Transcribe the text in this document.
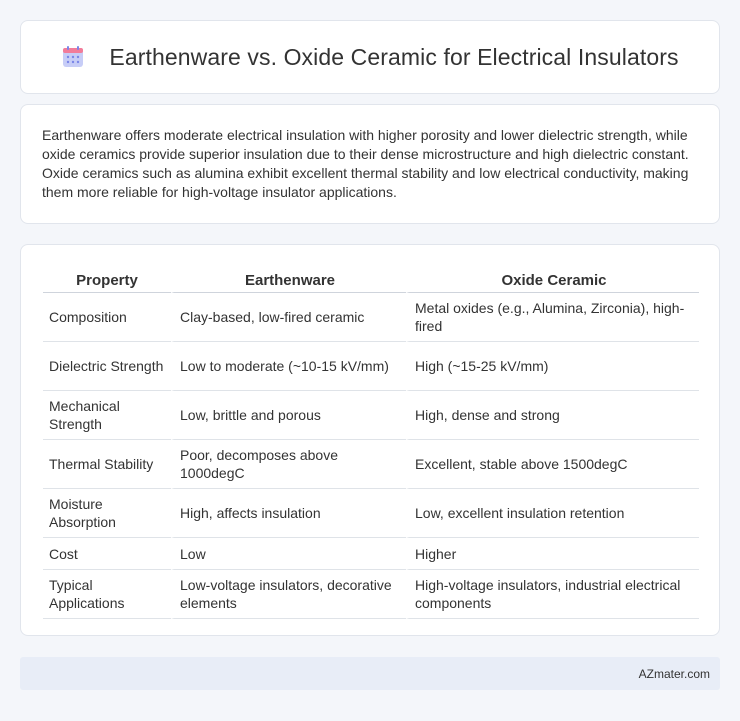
Earthenware vs. Oxide Ceramic for Electrical Insulators

Earthenware offers moderate electrical insulation with higher porosity and lower dielectric strength, while oxide ceramics provide superior insulation due to their dense microstructure and high dielectric constant. Oxide ceramics such as alumina exhibit excellent thermal stability and low electrical conductivity, making them more reliable for high-voltage insulator applications.

Property	Earthenware	Oxide Ceramic
Composition	Clay-based, low-fired ceramic	Metal oxides (e.g., Alumina, Zirconia), high-fired
Dielectric Strength	Low to moderate (~10-15 kV/mm)	High (~15-25 kV/mm)
Mechanical Strength	Low, brittle and porous	High, dense and strong
Thermal Stability	Poor, decomposes above 1000degC	Excellent, stable above 1500degC
Moisture Absorption	High, affects insulation	Low, excellent insulation retention
Cost	Low	Higher
Typical Applications	Low-voltage insulators, decorative elements	High-voltage insulators, industrial electrical components
AZmater.com
